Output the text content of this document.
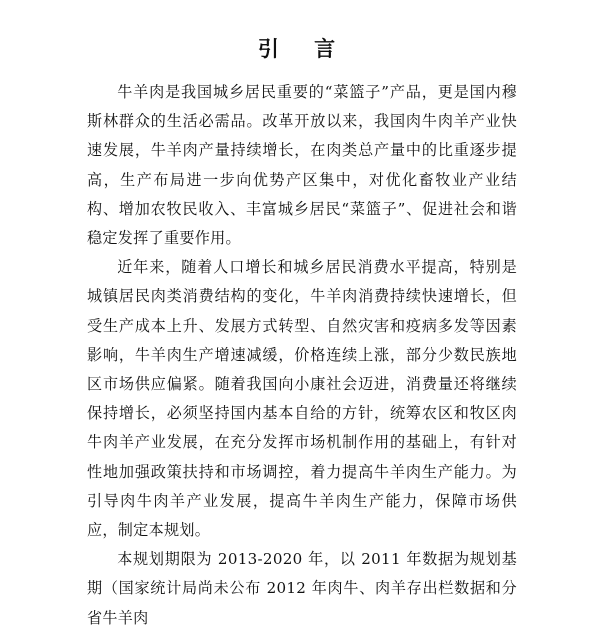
引 言

牛羊肉是我国城乡居民重要的“菜篮子”产品，更是国内穆斯林群众的生活必需品。改革开放以来，我国肉牛肉羊产业快速发展，牛羊肉产量持续增长，在肉类总产量中的比重逐步提高，生产布局进一步向优势产区集中，对优化畜牧业产业结构、增加农牧民收入、丰富城乡居民“菜篮子”、促进社会和谐稳定发挥了重要作用。

近年来，随着人口增长和城乡居民消费水平提高，特别是城镇居民肉类消费结构的变化，牛羊肉消费持续快速增长，但受生产成本上升、发展方式转型、自然灾害和疫病多发等因素影响，牛羊肉生产增速减缓，价格连续上涨，部分少数民族地区市场供应偏紧。随着我国向小康社会迈进，消费量还将继续保持增长，必须坚持国内基本自给的方针，统筹农区和牧区肉牛肉羊产业发展，在充分发挥市场机制作用的基础上，有针对性地加强政策扶持和市场调控，着力提高牛羊肉生产能力。为引导肉牛肉羊产业发展，提高牛羊肉生产能力，保障市场供应，制定本规划。

本规划期限为 2013-2020 年，以 2011 年数据为规划基期（国家统计局尚未公布 2012 年肉牛、肉羊存出栏数据和分省牛羊肉
